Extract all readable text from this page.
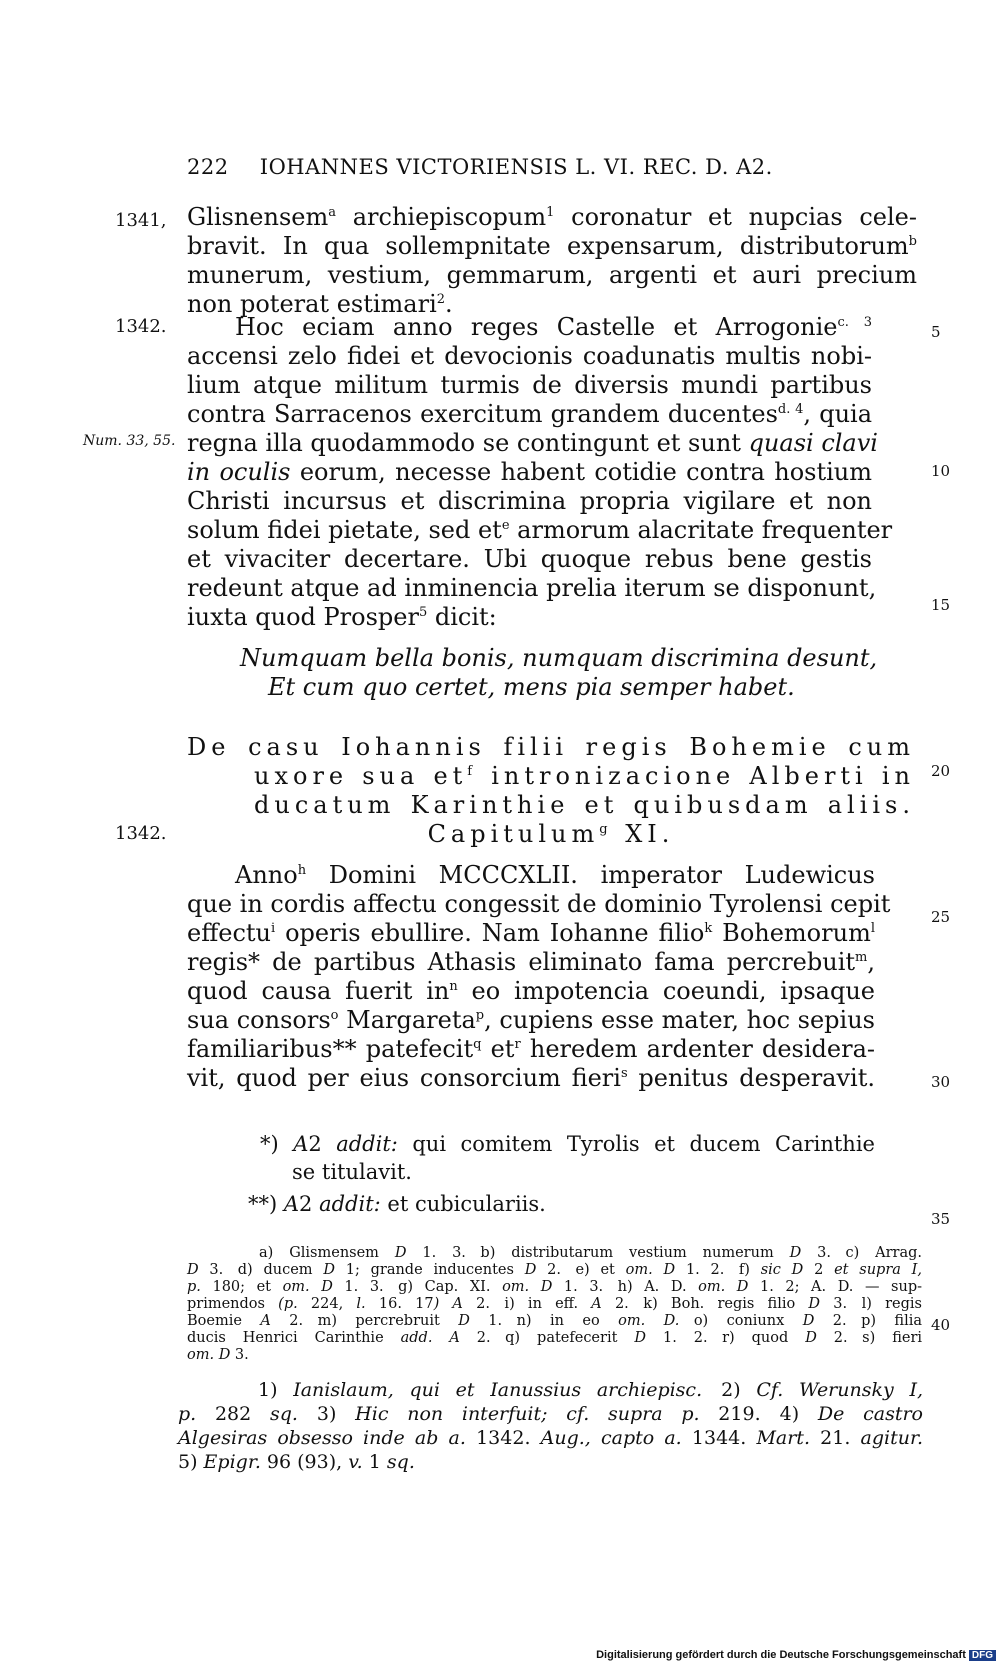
222 IOHANNES VICTORIENSIS L. VI. REC. D. A2.
1341,
1342.
1342.
Num. 33, 55.
5
10
15
20
25
30
35
40
Glisnensem$^a$ archiepiscopum$^1$ coronatur et nupcias cele-
bravit. In qua sollempnitate expensarum, distributorum$^b$
munerum, vestium, gemmarum, argenti et auri precium
non poterat estimari$^2$.
  Hoc eciam anno reges Castelle et Arrogonie$^{c. 3}$
accensi zelo fidei et devocionis coadunatis multis nobi-
lium atque militum turmis de diversis mundi partibus
contra Sarracenos exercitum grandem ducentes$^{d. 4}$, quia
regna illa quodammodo se contingunt et sunt quasi clavi
in oculis eorum, necesse habent cotidie contra hostium
Christi incursus et discrimina propria vigilare et non
solum fidei pietate, sed $et^e$ armorum alacritate frequenter
et vivaciter decertare. Ubi quoque rebus bene gestis
redeunt atque ad inminencia prelia iterum se disponunt,
iuxta quod Prosper$^5$ dicit:
Numquam bella bonis, numquam discrimina desunt,
Et cum quo certet, mens pia semper habet.
De casu Iohannis filii regis Bohemie cum
uxore sua $et^f$ intronizacione Alberti in
ducatum Karinthie et quibusdam aliis.
Capitulum$^g$ XI.
  Anno$^h$ Domini MCCCXLII. imperator Ludewicus
que in cordis affectu congessit de dominio Tyrolensi cepit
effectu$^i$ operis ebullire. Nam Iohanne filio$^k$ Bohemorum$^l$
regis* de partibus Athasis eliminato fama percrebuit$^m$,
quod causa fuerit $in^n$ eo impotencia coeundi, ipsaque
sua consors$^o$ Margareta$^p$, cupiens esse mater, hoc sepius
familiaribus** patefecit$^q$ $et^r$ heredem ardenter desidera-
vit, quod per eius consorcium fieri$^s$ penitus desperavit.
*) A2 addit: qui comitem Tyrolis et ducem Carinthie
se titulavit.
**) A2 addit: et cubiculariis.
a) Glismensem D 1. 3. b) distributarum vestium numerum D 3. c) Arrag.
D 3. d) ducem D 1; grande inducentes D 2. e) et om. D 1. 2. f) sic D 2 et supra I,
p. 180; et om. D 1. 3. g) Cap. XI. om. D 1. 3. h) A. D. om. D 1. 2; A. D. — sup-
primendos (p. 224, l. 16. 17) A 2. i) in eff. A 2. k) Boh. regis filio D 3. l) regis
Boemie A 2. m) percrebruit D 1. n) in eo om. D. o) coniunx D 2. p) filia
ducis Henrici Carinthie add. A 2. q) patefecerit D 1. 2. r) quod D 2. s) fieri
om. D 3.
1) Ianislaum, qui et Ianussius archiepisc. 2) Cf. Werunsky I,
p. 282 sq. 3) Hic non interfuit; cf. supra p. 219. 4) De castro
Algesiras obsesso inde ab a. 1342. Aug., capto a. 1344. Mart. 21. agitur.
5) Epigr. 96 (93), v. 1 sq.
Digitalisierung gefördert durch die Deutsche Forschungsgemeinschaft DFG
